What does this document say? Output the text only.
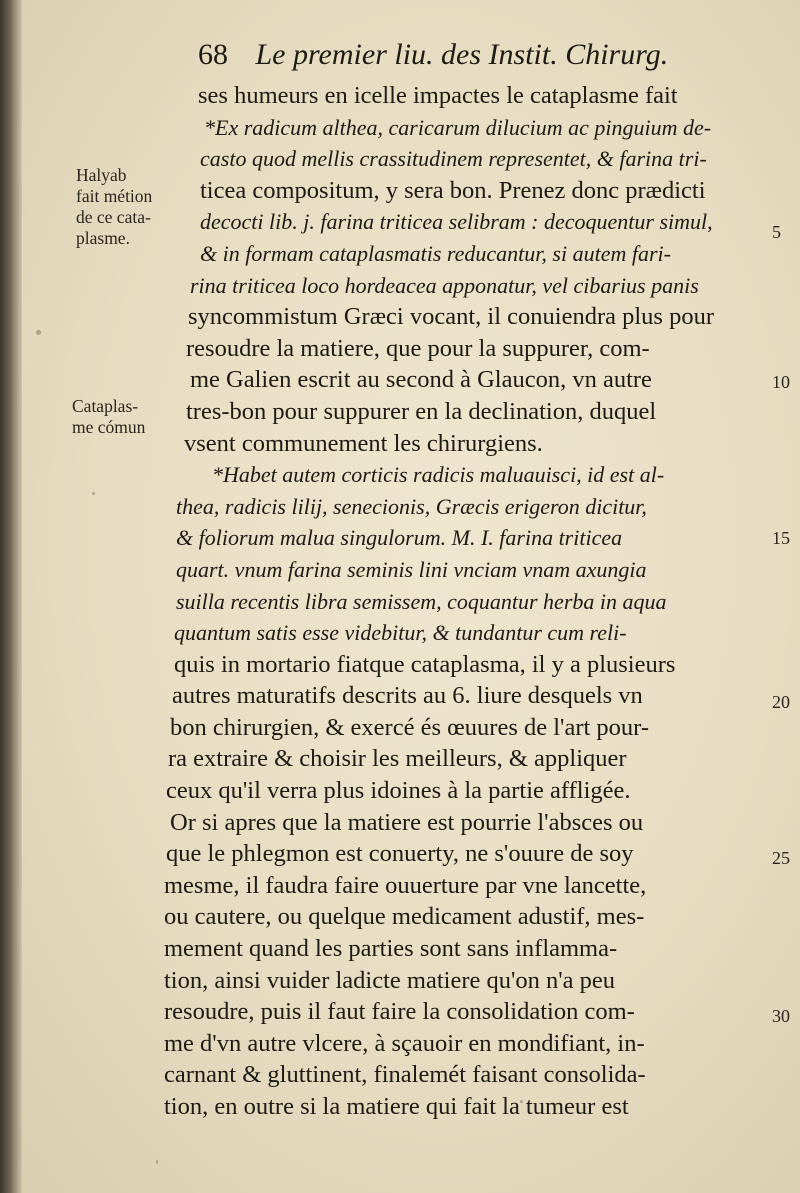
68 Le premier liu. des Instit. Chirurg.
ses humeurs en icelle impactes le cataplasme fait
*Ex radicum althea, caricarum dilucium ac pinguium de-
casto quod mellis crassitudinem representet, & farina tri-
ticea compositum, y sera bon. Prenez donc prædicti
decocti lib. j. farina triticea selibram : decoquentur simul,
& in formam cataplasmatis reducantur, si autem fari-
rina triticea loco hordeacea apponatur, vel cibarius panis
syncommistum Græci vocant, il conuiendra plus pour
resoudre la matiere, que pour la suppurer, com-
me Galien escrit au second à Glaucon, vn autre
tres-bon pour suppurer en la declination, duquel
vsent communement les chirurgiens.
*Habet autem corticis radicis maluauisci, id est al-
thea, radicis lilij, senecionis, Græcis erigeron dicitur,
& foliorum malua singulorum. M. I. farina triticea
quart. vnum farina seminis lini vnciam vnam axungia
suilla recentis libra semissem, coquantur herba in aqua
quantum satis esse videbitur, & tundantur cum reli-
quis in mortario fiatque cataplasma, il y a plusieurs
autres maturatifs descrits au 6. liure desquels vn
bon chirurgien, & exercé és œuures de l'art pour-
ra extraire & choisir les meilleurs, & appliquer
ceux qu'il verra plus idoines à la partie affligée.
Or si apres que la matiere est pourrie l'absces ou
que le phlegmon est conuerty, ne s'ouure de soy
mesme, il faudra faire ouuerture par vne lancette,
ou cautere, ou quelque medicament adustif, mes-
mement quand les parties sont sans inflamma-
tion, ainsi vuider ladicte matiere qu'on n'a peu
resoudre, puis il faut faire la consolidation com-
me d'vn autre vlcere, à sçauoir en mondifiant, in-
carnant & gluttinent, finalemét faisant consolida-
tion, en outre si la matiere qui fait la tumeur est
Halyab
fait métion
de ce cata-
plasme.
Cataplas-
me cómun
5
10
15
20
25
30
